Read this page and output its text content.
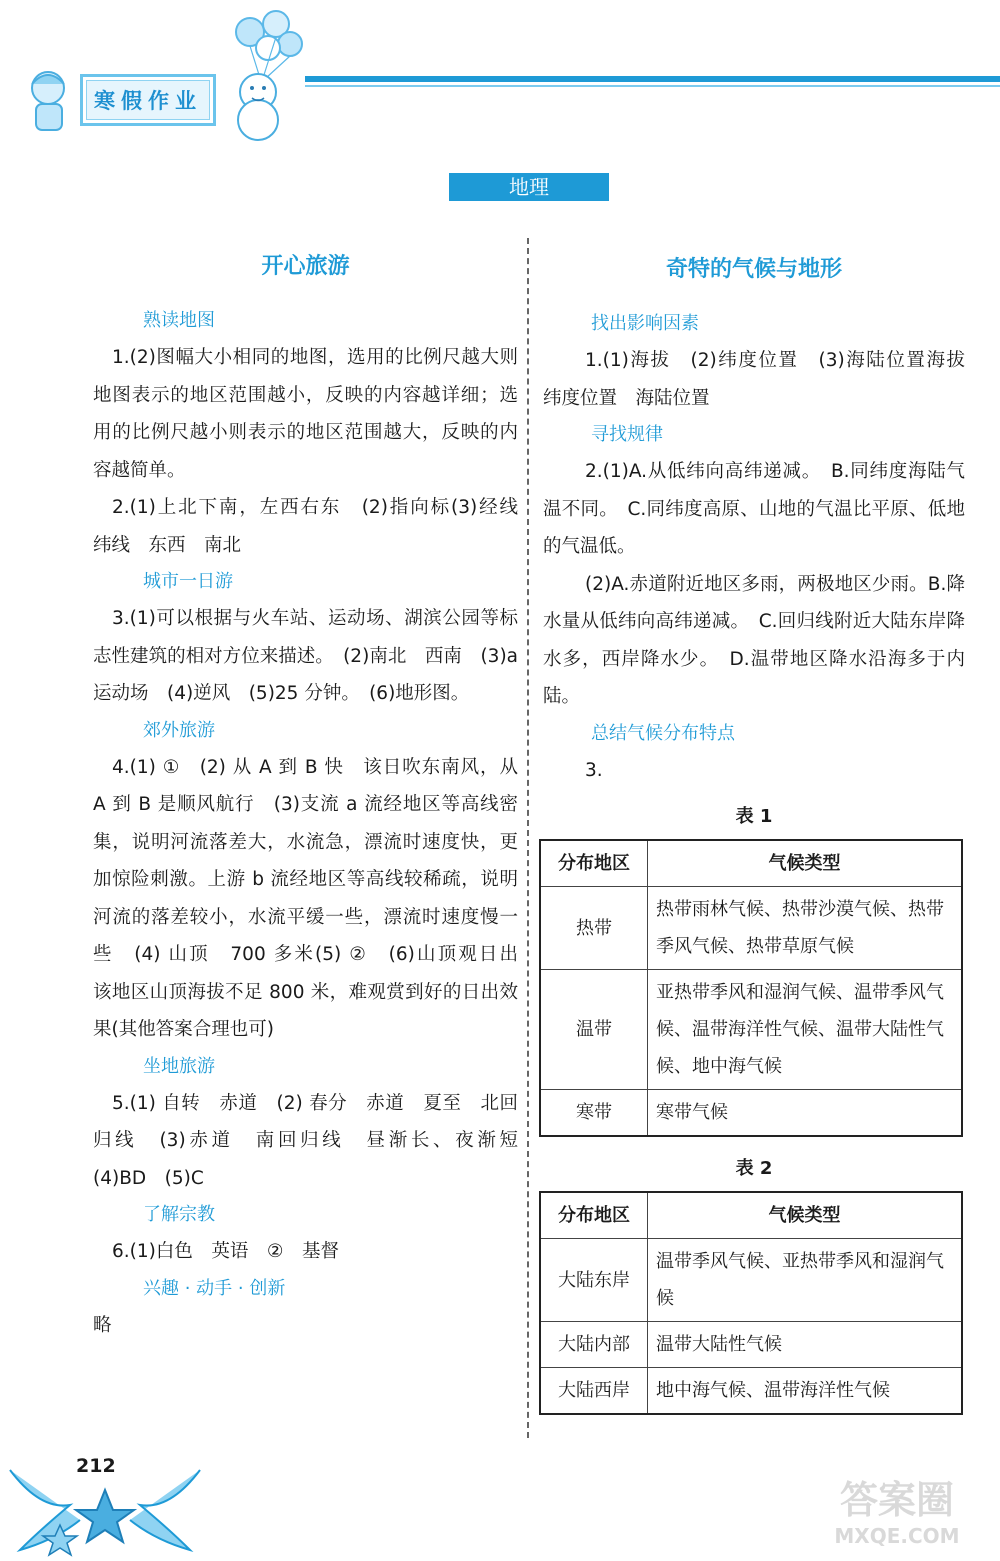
寒假作业
地理
开心旅游
熟读地图
1.(2)图幅大小相同的地图，选用的比例尺越大则地图表示的地区范围越小，反映的内容越详细；选用的比例尺越小则表示的地区范围越大，反映的内容越简单。
2.(1)上北下南，左西右东　(2)指向标(3)经线　纬线　东西　南北
城市一日游
3.(1)可以根据与火车站、运动场、湖滨公园等标志性建筑的相对方位来描述。　(2)南北　西南　(3)a 运动场　(4)逆风　(5)25 分钟。　(6)地形图。
郊外旅游
4.(1) ①　(2) 从 A 到 B 快　该日吹东南风，从 A 到 B 是顺风航行　(3)支流 a 流经地区等高线密集，说明河流落差大，水流急，漂流时速度快，更加惊险刺激。上游 b 流经地区等高线较稀疏，说明河流的落差较小，水流平缓一些，漂流时速度慢一些　(4) 山顶　700 多米(5) ②　(6)山顶观日出　该地区山顶海拔不足 800 米，难观赏到好的日出效果(其他答案合理也可)
坐地旅游
5.(1) 自转　赤道　(2) 春分　赤道　夏至　北回归线　(3)赤道　南回归线　昼渐长、夜渐短　(4)BD　(5)C
了解宗教
6.(1)白色　英语　②　基督
兴趣 · 动手 · 创新
略
奇特的气候与地形
找出影响因素
1.(1)海拔　(2)纬度位置　(3)海陆位置海拔　纬度位置　海陆位置
寻找规律
2.(1)A.从低纬向高纬递减。　B.同纬度海陆气温不同。　C.同纬度高原、山地的气温比平原、低地的气温低。
(2)A.赤道附近地区多雨，两极地区少雨。B.降水量从低纬向高纬递减。　C.回归线附近大陆东岸降水多，西岸降水少。　D.温带地区降水沿海多于内陆。
总结气候分布特点
3.
表 1
分布地区	气候类型
热带	热带雨林气候、热带沙漠气候、热带季风气候、热带草原气候
温带	亚热带季风和湿润气候、温带季风气候、温带海洋性气候、温带大陆性气候、地中海气候
寒带	寒带气候
表 2
分布地区	气候类型
大陆东岸	温带季风气候、亚热带季风和湿润气候
大陆内部	温带大陆性气候
大陆西岸	地中海气候、温带海洋性气候
212
答案圈
MXQE.COM
